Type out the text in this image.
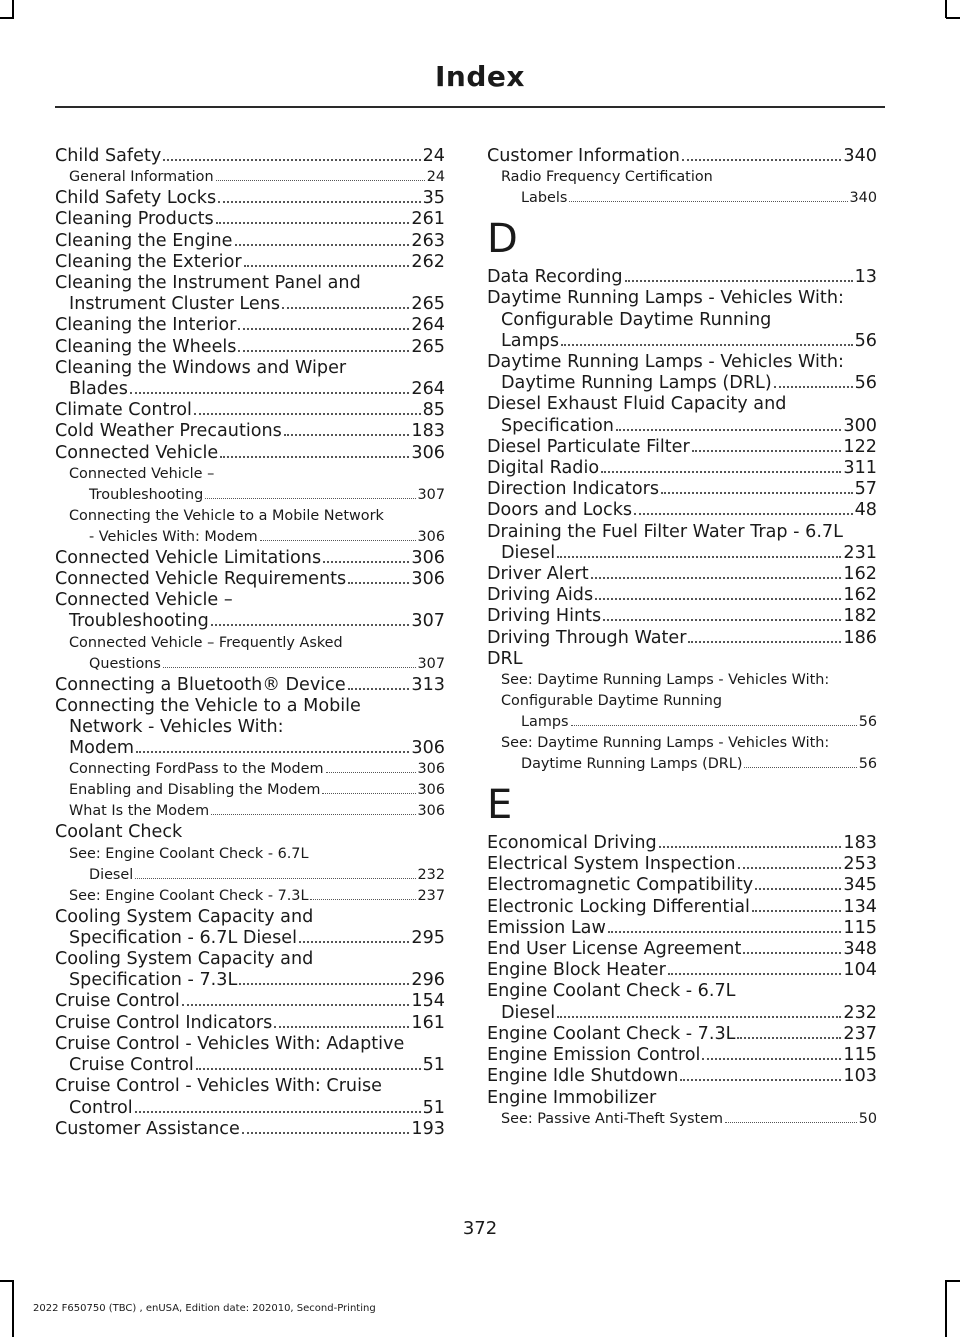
Index
Child Safety	24
General Information	24
Child Safety Locks	35
Cleaning Products	261
Cleaning the Engine	263
Cleaning the Exterior	262
Cleaning the Instrument Panel and
Instrument Cluster Lens	265
Cleaning the Interior	264
Cleaning the Wheels	265
Cleaning the Windows and Wiper
Blades	264
Climate Control	85
Cold Weather Precautions	183
Connected Vehicle	306
Connected Vehicle –
Troubleshooting	307
Connecting the Vehicle to a Mobile Network
- Vehicles With: Modem	306
Connected Vehicle Limitations	306
Connected Vehicle Requirements	306
Connected Vehicle –
Troubleshooting	307
Connected Vehicle – Frequently Asked
Questions	307
Connecting a Bluetooth® Device	313
Connecting the Vehicle to a Mobile
Network - Vehicles With:
Modem	306
Connecting FordPass to the Modem	306
Enabling and Disabling the Modem	306
What Is the Modem	306
Coolant Check
See: Engine Coolant Check - 6.7L
Diesel	232
See: Engine Coolant Check - 7.3L	237
Cooling System Capacity and
Specification - 6.7L Diesel	295
Cooling System Capacity and
Specification - 7.3L	296
Cruise Control	154
Cruise Control Indicators	161
Cruise Control - Vehicles With: Adaptive
Cruise Control	51
Cruise Control - Vehicles With: Cruise
Control	51
Customer Assistance	193
Customer Information	340
Radio Frequency Certification
Labels	340
D
Data Recording	13
Daytime Running Lamps - Vehicles With:
Configurable Daytime Running
Lamps	56
Daytime Running Lamps - Vehicles With:
Daytime Running Lamps (DRL)	56
Diesel Exhaust Fluid Capacity and
Specification	300
Diesel Particulate Filter	122
Digital Radio	311
Direction Indicators	57
Doors and Locks	48
Draining the Fuel Filter Water Trap - 6.7L
Diesel	231
Driver Alert	162
Driving Aids	162
Driving Hints	182
Driving Through Water	186
DRL
See: Daytime Running Lamps - Vehicles With:
Configurable Daytime Running
Lamps	56
See: Daytime Running Lamps - Vehicles With:
Daytime Running Lamps (DRL)	56
E
Economical Driving	183
Electrical System Inspection	253
Electromagnetic Compatibility	345
Electronic Locking Differential	134
Emission Law	115
End User License Agreement	348
Engine Block Heater	104
Engine Coolant Check - 6.7L
Diesel	232
Engine Coolant Check - 7.3L	237
Engine Emission Control	115
Engine Idle Shutdown	103
Engine Immobilizer
See: Passive Anti-Theft System	50
372
2022 F650750 (TBC) , enUSA, Edition date: 202010, Second-Printing
